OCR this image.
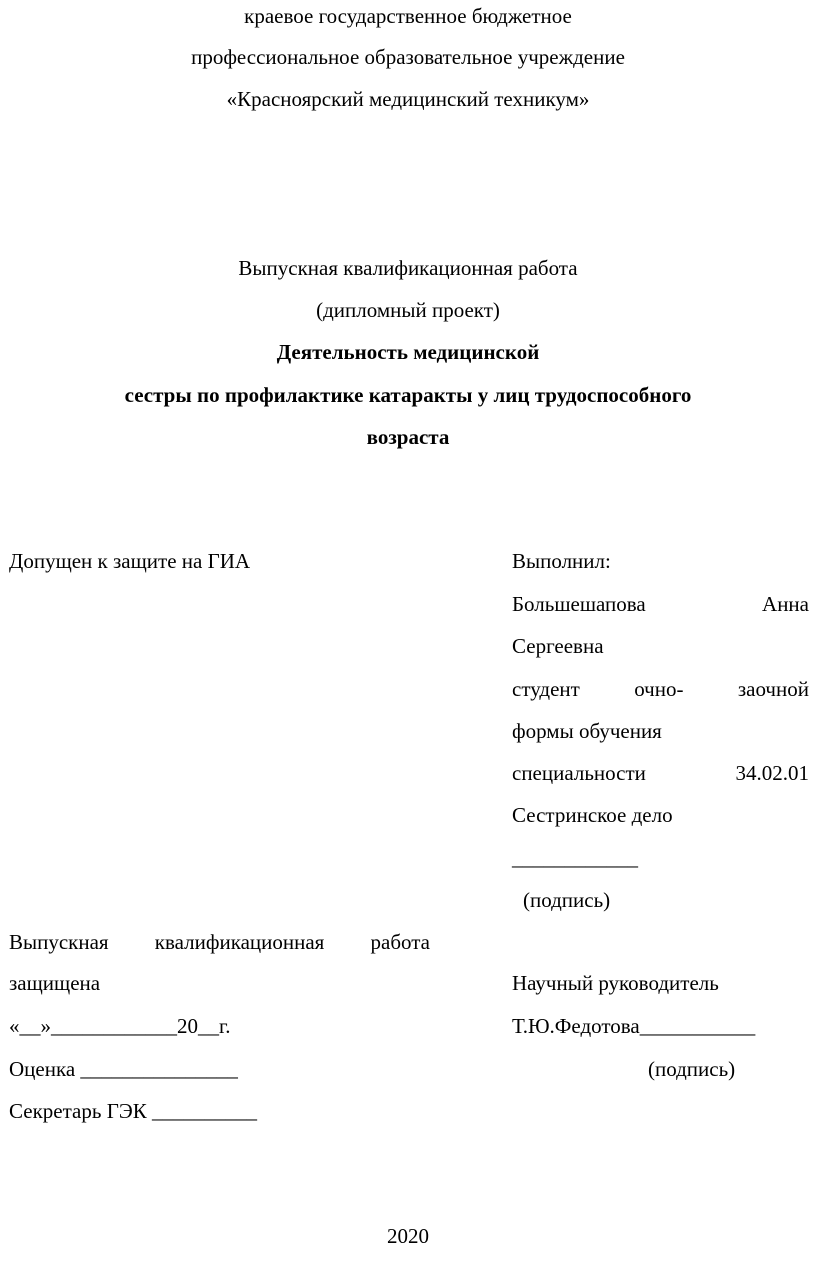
краевое государственное бюджетное
профессиональное образовательное учреждение
«Красноярский медицинский техникум»
Выпускная квалификационная работа
(дипломный проект)
Деятельность медицинской
сестры по профилактике катаракты у лиц трудоспособного
возраста
Допущен к защите на ГИА
Выпускная квалификационная работа
защищена
«__»____________20__г.
Оценка _______________
Секретарь ГЭК __________
Выполнил:
Большешапова	Анна
Сергеевна
студент	очно-	заочной
формы обучения
специальности	34.02.01
Сестринское дело
____________
(подпись)
Научный руководитель
Т.Ю.Федотова___________
(подпись)
2020
